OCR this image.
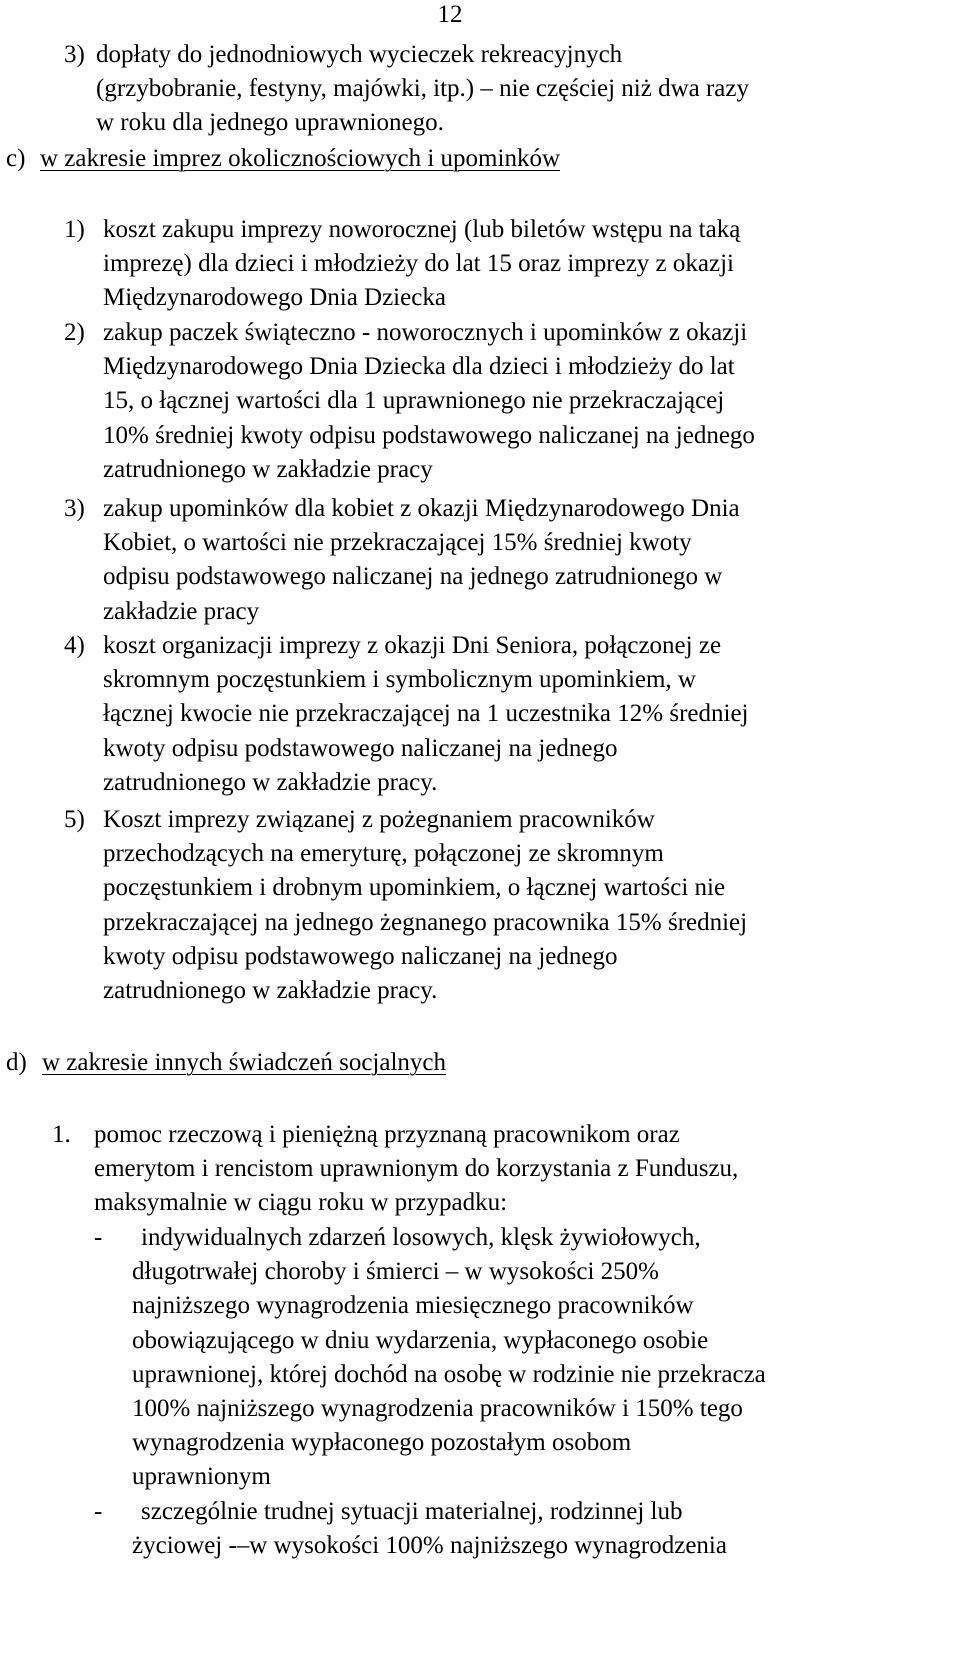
12
3) dopłaty do jednodniowych wycieczek rekreacyjnych

(grzybobranie, festyny, majówki, itp.) – nie częściej niż dwa razy

w roku dla jednego uprawnionego.

c) w zakresie imprez okolicznościowych i upominków
1) koszt zakupu imprezy noworocznej (lub biletów wstępu na taką

imprezę) dla dzieci i młodzieży do lat 15 oraz imprezy z okazji

Międzynarodowego Dnia Dziecka

2) zakup paczek świąteczno - noworocznych i upominków z okazji

Międzynarodowego Dnia Dziecka dla dzieci i młodzieży do lat

15, o łącznej wartości dla 1 uprawnionego nie przekraczającej

10% średniej kwoty odpisu podstawowego naliczanej na jednego

zatrudnionego w zakładzie pracy

3) zakup upominków dla kobiet z okazji Międzynarodowego Dnia

Kobiet, o wartości nie przekraczającej 15% średniej kwoty

odpisu podstawowego naliczanej na jednego zatrudnionego w

zakładzie pracy

4) koszt organizacji imprezy z okazji Dni Seniora, połączonej ze

skromnym poczęstunkiem i symbolicznym upominkiem, w

łącznej kwocie nie przekraczającej na 1 uczestnika 12% średniej

kwoty odpisu podstawowego naliczanej na jednego

zatrudnionego w zakładzie pracy.

5) Koszt imprezy związanej z pożegnaniem pracowników

przechodzących na emeryturę, połączonej ze skromnym

poczęstunkiem i drobnym upominkiem, o łącznej wartości nie

przekraczającej na jednego żegnanego pracownika 15% średniej

kwoty odpisu podstawowego naliczanej na jednego

zatrudnionego w zakładzie pracy.

d) w zakresie innych świadczeń socjalnych
1. pomoc rzeczową i pieniężną przyznaną pracownikom oraz

emerytom i rencistom uprawnionym do korzystania z Funduszu,

maksymalnie w ciągu roku w przypadku:

-	indywidualnych zdarzeń losowych, klęsk żywiołowych,

długotrwałej choroby i śmierci – w wysokości 250%

najniższego wynagrodzenia miesięcznego pracowników

obowiązującego w dniu wydarzenia, wypłaconego osobie

uprawnionej, której dochód na osobę w rodzinie nie przekracza

100% najniższego wynagrodzenia pracowników i 150% tego

wynagrodzenia wypłaconego pozostałym osobom

uprawnionym

-	szczególnie trudnej sytuacji materialnej, rodzinnej lub

życiowej -–w wysokości 100% najniższego wynagrodzenia
